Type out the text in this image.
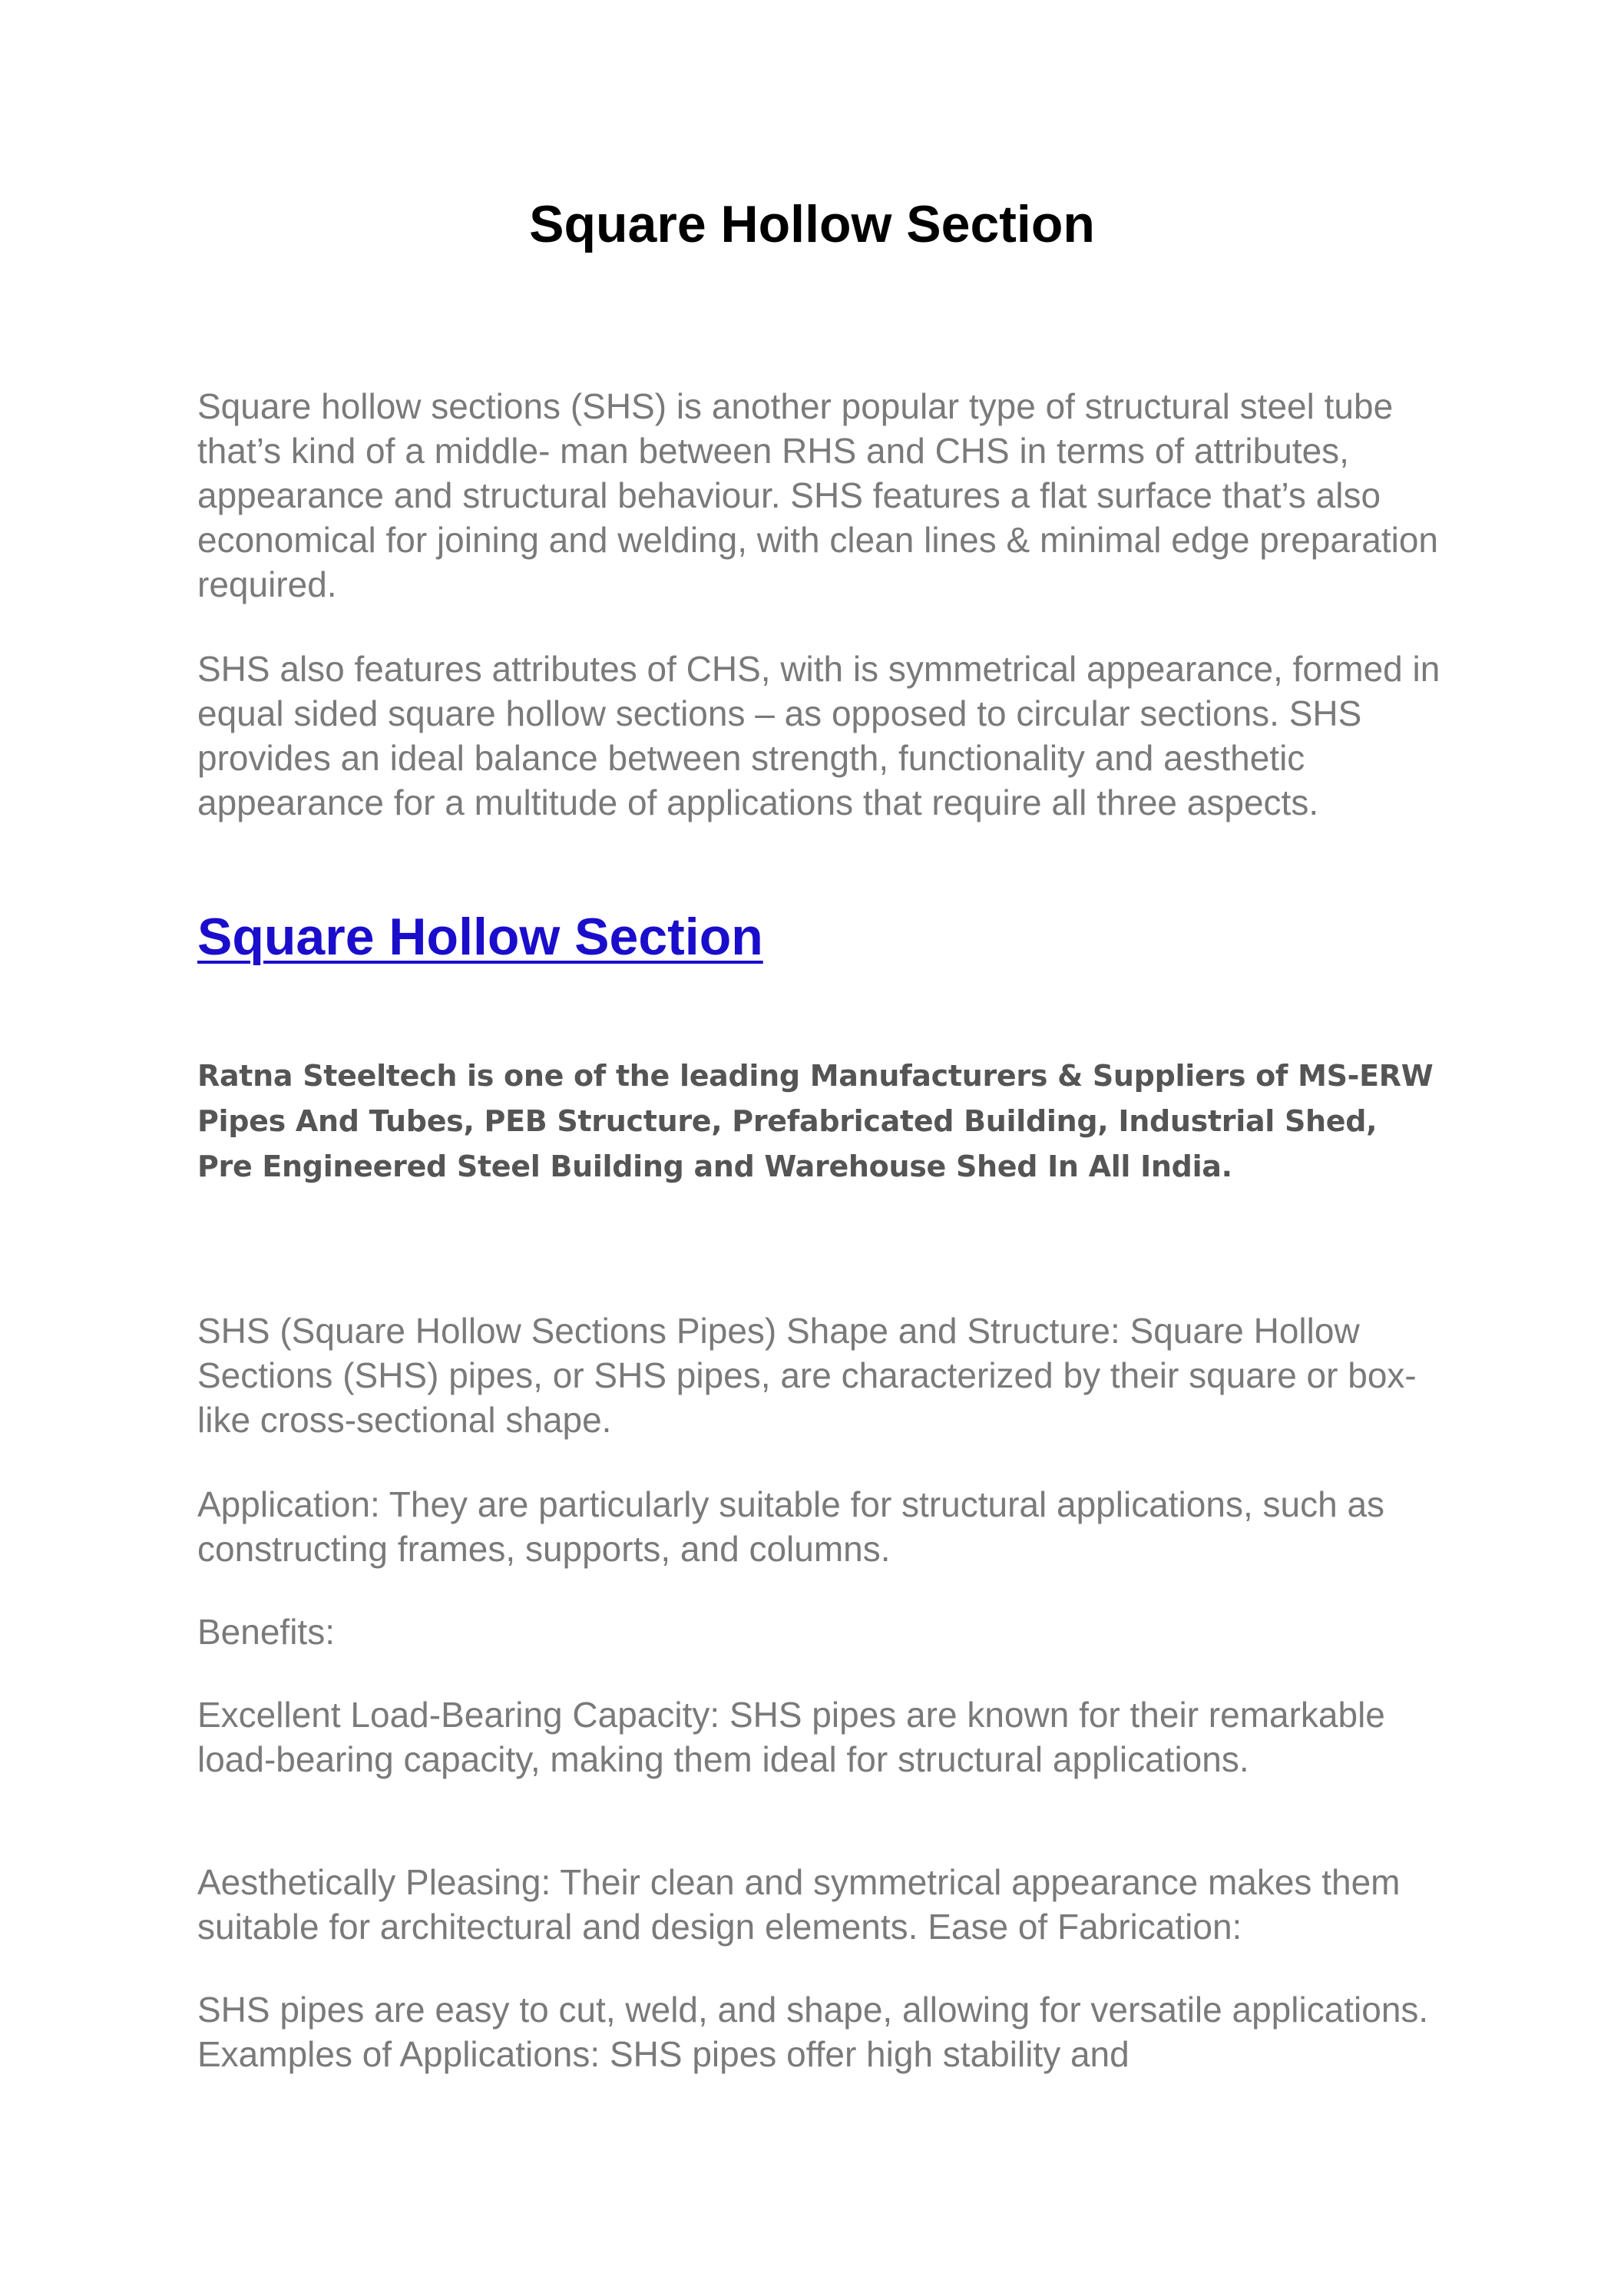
Square Hollow Section

Square hollow sections (SHS) is another popular type of structural steel tube that’s kind of a middle- man between RHS and CHS in terms of attributes, appearance and structural behaviour. SHS features a flat surface that’s also economical for joining and welding, with clean lines & minimal edge preparation required.

SHS also features attributes of CHS, with is symmetrical appearance, formed in equal sided square hollow sections – as opposed to circular sections. SHS provides an ideal balance between strength, functionality and aesthetic appearance for a multitude of applications that require all three aspects.

Square Hollow Section

Ratna Steeltech is one of the leading Manufacturers & Suppliers of MS-ERW Pipes And Tubes, PEB Structure, Prefabricated Building, Industrial Shed, Pre Engineered Steel Building and Warehouse Shed In All India.

SHS (Square Hollow Sections Pipes) Shape and Structure: Square Hollow Sections (SHS) pipes, or SHS pipes, are characterized by their square or box-like cross-sectional shape.

Application: They are particularly suitable for structural applications, such as constructing frames, supports, and columns.

Benefits:

Excellent Load-Bearing Capacity: SHS pipes are known for their remarkable load-bearing capacity, making them ideal for structural applications.

Aesthetically Pleasing: Their clean and symmetrical appearance makes them suitable for architectural and design elements. Ease of Fabrication:

SHS pipes are easy to cut, weld, and shape, allowing for versatile applications. Examples of Applications: SHS pipes offer high stability and
